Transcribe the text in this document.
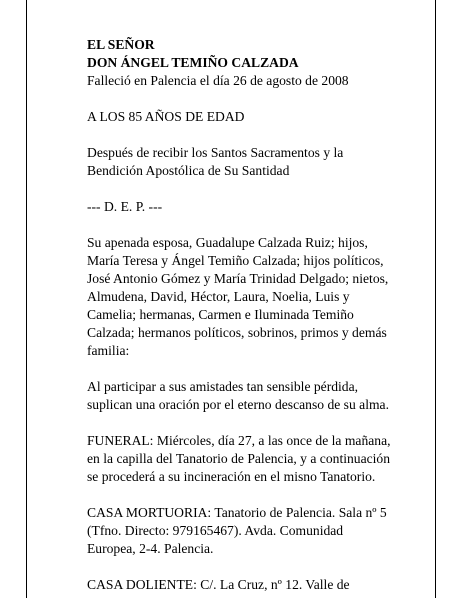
EL SEÑOR

DON ÁNGEL TEMIÑO CALZADA

Falleció en Palencia el día 26 de agosto de 2008

A LOS 85 AÑOS DE EDAD

Después de recibir los Santos Sacramentos y la

Bendición Apostólica de Su Santidad

--- D. E. P. ---

Su apenada esposa, Guadalupe Calzada Ruiz; hijos,

María Teresa y Ángel Temiño Calzada; hijos políticos,

José Antonio Gómez y María Trinidad Delgado; nietos,

Almudena, David, Héctor, Laura, Noelia, Luis y

Camelia; hermanas, Carmen e Iluminada Temiño

Calzada; hermanos políticos, sobrinos, primos y demás

familia:

Al participar a sus amistades tan sensible pérdida,

suplican una oración por el eterno descanso de su alma.

FUNERAL: Miércoles, día 27, a las once de la mañana,

en la capilla del Tanatorio de Palencia, y a continuación

se procederá a su incineración en el misno Tanatorio.

CASA MORTUORIA: Tanatorio de Palencia. Sala nº 5

(Tfno. Directo: 979165467). Avda. Comunidad

Europea, 2-4. Palencia.

CASA DOLIENTE: C/. La Cruz, nº 12. Valle de
